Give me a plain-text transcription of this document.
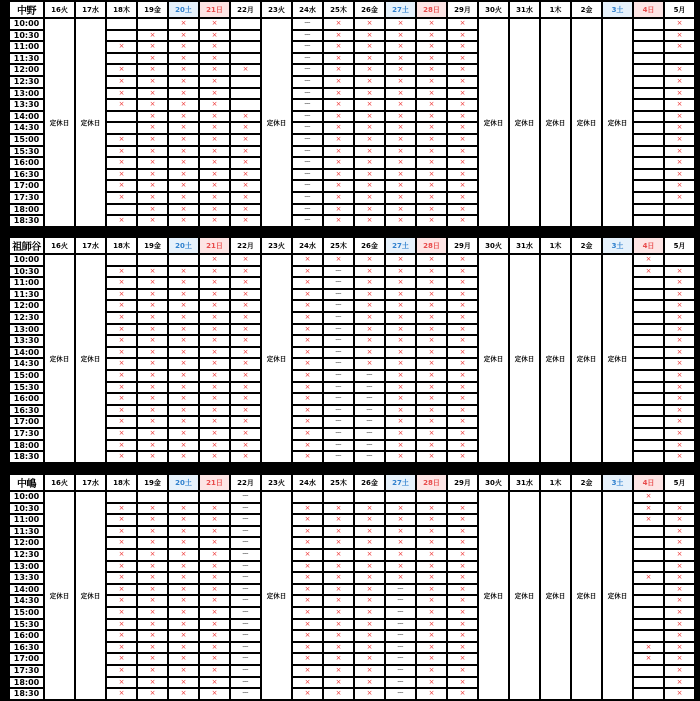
中野	16火	17水	18木	19金	20土	21日	22月	23火	24水	25木	26金	27土	28日	29月	30火	31水	1木	2金	3土	4日	5月
10:00	定休日	定休日			×	×		定休日	ー	×	×	×	×	×	定休日	定休日	定休日	定休日	定休日		×
10:30				×	×	×			ー	×	×	×	×	×							×
11:00			×	×	×	×			ー	×	×	×	×	×							×
11:30				×	×	×			ー	×	×	×	×	×							
12:00			×	×	×	×	×		ー	×	×	×	×	×							×
12:30			×	×	×	×			ー	×	×	×	×	×							×
13:00			×	×	×	×			ー	×	×	×	×	×							×
13:30			×	×	×	×			ー	×	×	×	×	×							×
14:00				×	×	×	×		ー	×	×	×	×	×							×
14:30				×	×	×	×		ー	×	×	×	×	×							×
15:00			×	×	×	×	×		ー	×	×	×	×	×							×
15:30			×	×	×	×	×		ー	×	×	×	×	×							×
16:00			×	×	×	×	×		ー	×	×	×	×	×							×
16:30			×	×	×	×	×		ー	×	×	×	×	×							×
17:00			×	×	×	×	×		ー	×	×	×	×	×							×
17:30			×	×	×	×	×		ー	×	×	×	×	×							×
18:00				×	×	×	×		ー	×	×	×	×	×							
18:30			×	×	×	×	×		ー	×	×	×	×	×							
祖師谷	16火	17水	18木	19金	20土	21日	22月	23火	24水	25木	26金	27土	28日	29月	30火	31水	1木	2金	3土	4日	5月
10:00	定休日	定休日				×	×	定休日	×	×	×	×	×	×	定休日	定休日	定休日	定休日	定休日	×	
10:30			×	×	×	×	×		×	ー	×	×	×	×						×	×
11:00			×	×	×	×	×		×	ー	×	×	×	×							×
11:30			×	×	×	×	×		×	ー	×	×	×	×							×
12:00			×	×	×	×	×		×	ー	×	×	×	×							×
12:30			×	×	×	×	×		×	ー	×	×	×	×							×
13:00			×	×	×	×	×		×	ー	×	×	×	×							×
13:30			×	×	×	×	×		×	ー	×	×	×	×							×
14:00			×	×	×	×	×		×	ー	×	×	×	×							×
14:30			×	×	×	×	×		×	ー	×	×	×	×							×
15:00			×	×	×	×	×		×	ー	ー	×	×	×							×
15:30			×	×	×	×	×		×	ー	ー	×	×	×							×
16:00			×	×	×	×	×		×	ー	ー	×	×	×							×
16:30			×	×	×	×	×		×	ー	ー	×	×	×							×
17:00			×	×	×	×	×		×	ー	ー	×	×	×							×
17:30			×	×	×	×	×		×	ー	ー	×	×	×							×
18:00			×	×	×	×	×		×	ー	ー	×	×	×							×
18:30			×	×	×	×	×		×	ー	ー	×	×	×							×
中嶋	16火	17水	18木	19金	20土	21日	22月	23火	24水	25木	26金	27土	28日	29月	30火	31水	1木	2金	3土	4日	5月
10:00	定休日	定休日					ー	定休日							定休日	定休日	定休日	定休日	定休日	×	
10:30			×	×	×	×	ー		×	×	×	×	×	×						×	×
11:00			×	×	×	×	ー		×	×	×	×	×	×						×	×
11:30			×	×	×	×	ー		×	×	×	×	×	×							×
12:00			×	×	×	×	ー		×	×	×	×	×	×							×
12:30			×	×	×	×	ー		×	×	×	×	×	×							×
13:00			×	×	×	×	ー		×	×	×	×	×	×							×
13:30			×	×	×	×	ー		×	×	×	×	×	×						×	×
14:00			×	×	×	×	ー		×	×	×	ー	×	×							×
14:30			×	×	×	×	ー		×	×	×	ー	×	×							×
15:00			×	×	×	×	ー		×	×	×	ー	×	×							×
15:30			×	×	×	×	ー		×	×	×	ー	×	×							×
16:00			×	×	×	×	ー		×	×	×	ー	×	×							×
16:30			×	×	×	×	ー		×	×	×	ー	×	×						×	×
17:00			×	×	×	×	ー		×	×	×	ー	×	×						×	×
17:30			×	×	×	×	ー		×	×	×	ー	×	×							×
18:00			×	×	×	×	ー		×	×	×	ー	×	×							×
18:30			×	×	×	×	ー		×	×	×	ー	×	×							×
